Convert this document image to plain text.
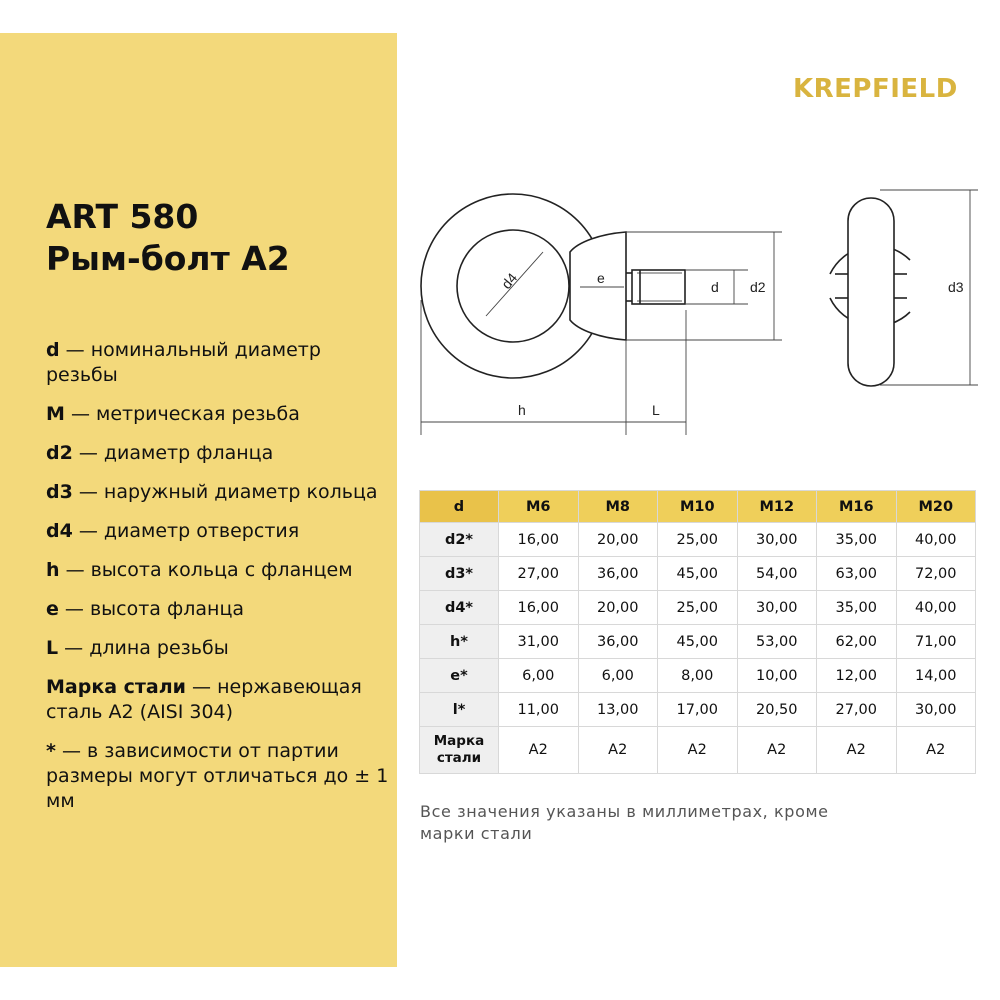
ART 580
Рым-болт A2
d — номинальный диаметр резьбы
M — метрическая резьба
d2 — диаметр фланца
d3 — наружный диаметр кольца
d4 — диаметр отверстия
h — высота кольца с фланцем
e — высота фланца
L — длина резьбы
Марка стали — нержавеющая сталь A2 (AISI 304)
* — в зависимости от партии размеры могут отличаться до ± 1 мм
KREPFIELD
d4	e
d d2	d3
h	L
d	M6	M8	M10	M12	M16	M20
d2*	16,00	20,00	25,00	30,00	35,00	40,00
d3*	27,00	36,00	45,00	54,00	63,00	72,00
d4*	16,00	20,00	25,00	30,00	35,00	40,00
h*	31,00	36,00	45,00	53,00	62,00	71,00
e*	6,00	6,00	8,00	10,00	12,00	14,00
l*	11,00	13,00	17,00	20,50	27,00	30,00

Марка
стали	A2	A2	A2	A2	A2	A2
Все значения указаны в миллиметрах, кроме марки стали
